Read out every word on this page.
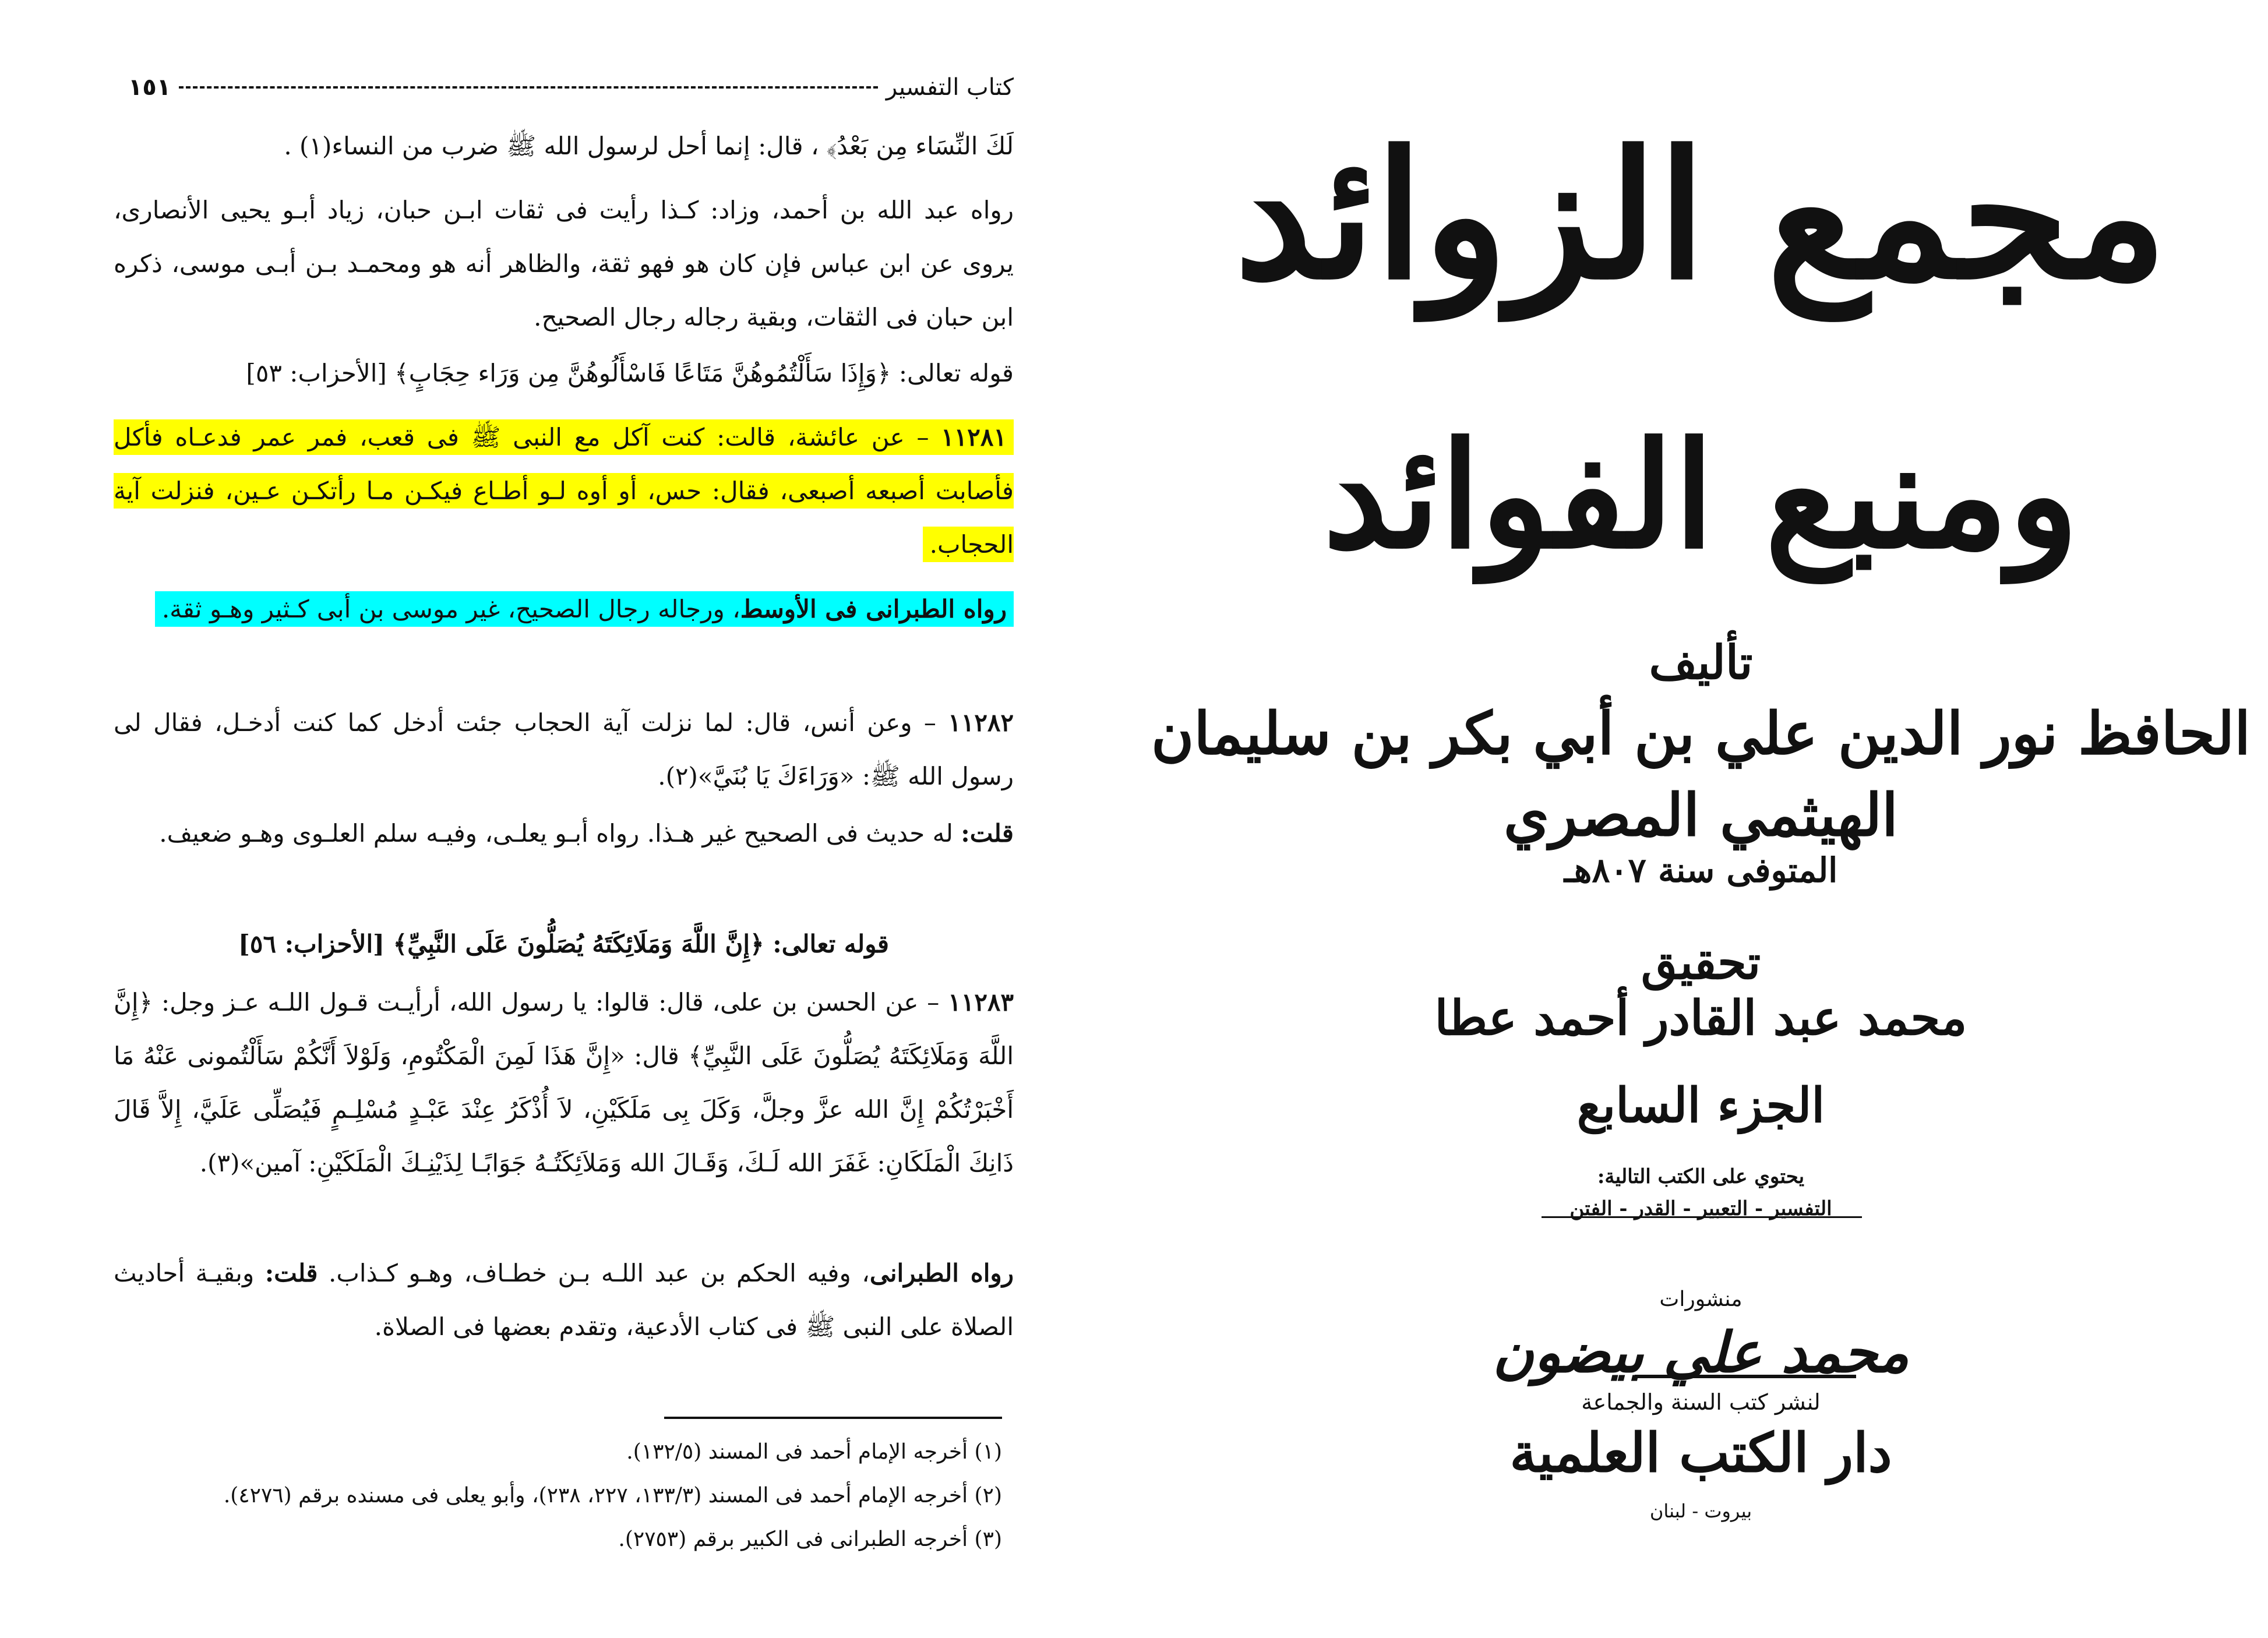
١٥١	كتاب التفسير
لَكَ النِّسَاء مِن بَعْدُ﴾ ، قال: إنما أحل لرسول الله ﷺ ضرب من النساء(١) .
رواه عبد الله بن أحمد، وزاد: كـذا رأيت فى ثقات ابـن حبان، زياد أبـو يحيى الأنصارى، يروى عن ابن عباس فإن كان هو فهو ثقة، والظاهر أنه هو ومحمـد بـن أبـى موسى، ذكره ابن حبان فى الثقات، وبقية رجاله رجال الصحيح.
قوله تعالى: ﴿وَإِذَا سَأَلْتُمُوهُنَّ مَتَاعًا فَاسْأَلُوهُنَّ مِن وَرَاء حِجَابٍ﴾ [الأحزاب: ٥٣]
١١٢٨١ – عن عائشة، قالت: كنت آكل مع النبى ﷺ فى قعب، فمر عمر فدعـاه فأكل فأصابت أصبعه أصبعى، فقال: حس، أو أوه لـو أطـاع فيكـن مـا رأتكـن عـين، فنزلت آية الحجاب.
رواه الطبرانى فى الأوسط، ورجاله رجال الصحيح، غير موسى بن أبى كـثير وهـو ثقة.
١١٢٨٢ – وعن أنس، قال: لما نزلت آية الحجاب جئت أدخل كما كنت أدخـل، فقال لى رسول الله ﷺ: «وَرَاءَكَ يَا بُنَيَّ»(٢).
قلت: له حديث فى الصحيح غير هـذا. رواه أبـو يعلـى، وفيـه سلم العلـوى وهـو ضعيف.
قوله تعالى: ﴿إِنَّ اللَّهَ وَمَلَائِكَتَهُ يُصَلُّونَ عَلَى النَّبِيِّ﴾ [الأحزاب: ٥٦]
١١٢٨٣ – عن الحسن بن على، قال: قالوا: يا رسول الله، أرأيـت قـول اللـه عـز وجل: ﴿إِنَّ اللَّهَ وَمَلَائِكَتَهُ يُصَلُّونَ عَلَى النَّبِيِّ﴾ قال: «إِنَّ هَذَا لَمِنَ الْمَكْتُومِ، وَلَوْلاَ أَنَّكُمْ سَأَلْتُمونى عَنْهُ مَا أَخْبَرْتُكُمْ إِنَّ الله عزَّ وجلَّ، وَكَلَ بِى مَلَكَيْنِ، لاَ أُذْكَرُ عِنْدَ عَبْـدٍ مُسْلِـمٍ فَيُصَلِّى عَلَيَّ، إِلاَّ قَالَ ذَانِكَ الْمَلَكَانِ: غَفَرَ الله لَـكَ، وَقَـالَ الله وَمَلاَئِكَتُـهُ جَوَابًـا لِذَيْنِـكَ الْمَلَكَيْنِ: آمين»(٣).
رواه الطبرانى، وفيه الحكم بن عبد اللـه بـن خطـاف، وهـو كـذاب. قلت: وبقيـة أحاديث الصلاة على النبى ﷺ فى كتاب الأدعية، وتقدم بعضها فى الصلاة.
(١) أخرجه الإمام أحمد فى المسند (١٣٢/٥).
(٢) أخرجه الإمام أحمد فى المسند (١٣٣/٣، ٢٢٧، ٢٣٨)، وأبو يعلى فى مسنده برقم (٤٢٧٦).
(٣) أخرجه الطبرانى فى الكبير برقم (٢٧٥٣).
مجمع الزوائد
ومنبع الفوائد
تأليف
الحافظ نور الدين علي بن أبي بكر بن سليمان
الهيثمي المصري
المتوفى سنة ٨٠٧هـ
تحقيق
محمد عبد القادر أحمد عطا
الجزء السابع
يحتوي على الكتب التالية:
التفسير - التعبير - القدر - الفتن
منشورات
محمد علي بيضون
لنشر كتب السنة والجماعة
دار الكتب العلمية
بيروت - لبنان
